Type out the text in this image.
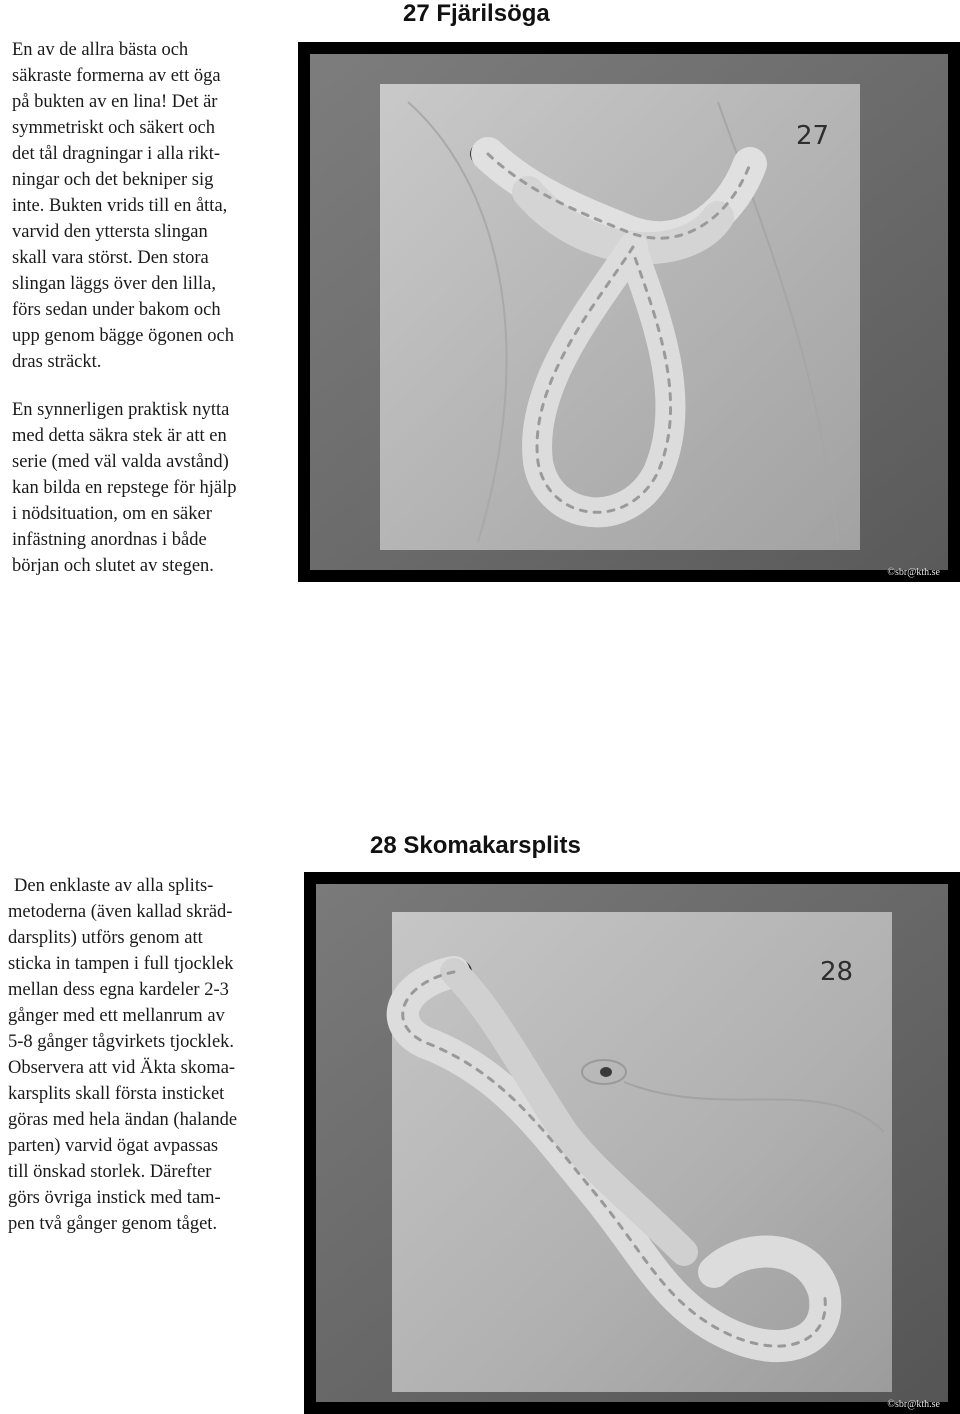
27 Fjärilsöga

En av de allra bästa och
säkraste formerna av ett öga
på bukten av en lina! Det är
symmetriskt och säkert och
det tål dragningar i alla rikt-
ningar och det bekniper sig
inte. Bukten vrids till en åtta,
varvid den yttersta slingan
skall vara störst. Den stora
slingan läggs över den lilla,
förs sedan under bakom och
upp genom bägge ögonen och
dras sträckt.

En synnerligen praktisk nytta
med detta säkra stek är att en
serie (med väl valda avstånd)
kan bilda en repstege för hjälp
i nödsituation, om en säker
infästning anordnas i både
början och slutet av stegen.

27
©sbr@kth.se
28 Skomakarsplits

Den enklaste av alla splits-
metoderna (även kallad skräd-
darsplits) utförs genom att
sticka in tampen i full tjocklek
mellan dess egna kardeler 2-3
gånger med ett mellanrum av
5-8 gånger tågvirkets tjocklek.
Observera att vid Äkta skoma-
karsplits skall första insticket
göras med hela ändan (halande
parten) varvid ögat avpassas
till önskad storlek. Därefter
görs övriga instick med tam-
pen två gånger genom tåget.

28
©sbr@kth.se
